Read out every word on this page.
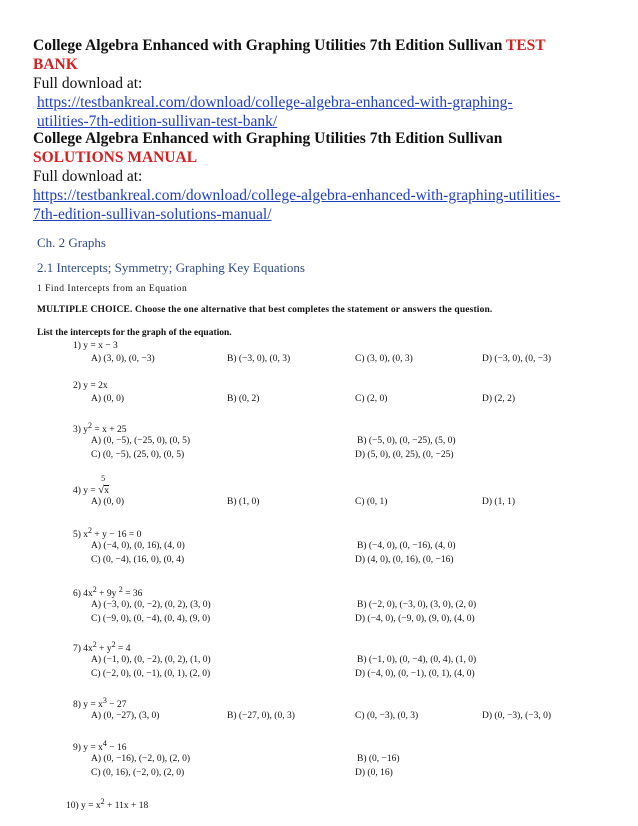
College Algebra Enhanced with Graphing Utilities 7th Edition Sullivan TEST
BANK
Full download at:
https://testbankreal.com/download/college-algebra-enhanced-with-graphing-
utilities-7th-edition-sullivan-test-bank/
College Algebra Enhanced with Graphing Utilities 7th Edition Sullivan
SOLUTIONS MANUAL
Full download at:
https://testbankreal.com/download/college-algebra-enhanced-with-graphing-utilities-
7th-edition-sullivan-solutions-manual/
Ch. 2 Graphs
2.1 Intercepts; Symmetry; Graphing Key Equations
1 Find Intercepts from an Equation
MULTIPLE CHOICE. Choose the one alternative that best completes the statement or answers the question.
List the intercepts for the graph of the equation.
1) y = x − 3
A) (3, 0), (0, −3)	B) (−3, 0), (0, 3)	C) (3, 0), (0, 3)	D) (−3, 0), (0, −3)
2) y = 2x
A) (0, 0)	B) (0, 2)	C) (2, 0)	D) (2, 2)
3) $y^2 = x + 25$
A) (0, −5), (−25, 0), (0, 5)	B) (−5, 0), (0, −25), (5, 0)
C) (0, −5), (25, 0), (0, 5)	D) (5, 0), (0, 25), (0, −25)
4) y =
5
√x
A) (0, 0)	B) (1, 0)	C) (0, 1)	D) (1, 1)
5) $x^2 + y - 16 = 0$
A) (−4, 0), (0, 16), (4, 0)	B) (−4, 0), (0, −16), (4, 0)
C) (0, −4), (16, 0), (0, 4)	D) (4, 0), (0, 16), (0, −16)
6) $4x^2 + 9y$ $^2$ = 36
A) (−3, 0), (0, −2), (0, 2), (3, 0)	B) (−2, 0), (−3, 0), (3, 0), (2, 0)
C) (−9, 0), (0, −4), (0, 4), (9, 0)	D) (−4, 0), (−9, 0), (9, 0), (4, 0)
7) $4x^2 + y^2 = 4$
A) (−1, 0), (0, −2), (0, 2), (1, 0)	B) (−1, 0), (0, −4), (0, 4), (1, 0)
C) (−2, 0), (0, −1), (0, 1), (2, 0)	D) (−4, 0), (0, −1), (0, 1), (4, 0)
8) $y = x^3 - 27$
A) (0, −27), (3, 0)	B) (−27, 0), (0, 3)	C) (0, −3), (0, 3)	D) (0, −3), (−3, 0)
9) $y = x^4 - 16$
A) (0, −16), (−2, 0), (2, 0)	B) (0, −16)
C) (0, 16), (−2, 0), (2, 0)	D) (0, 16)
10) $y = x^2 + 11x + 18$
